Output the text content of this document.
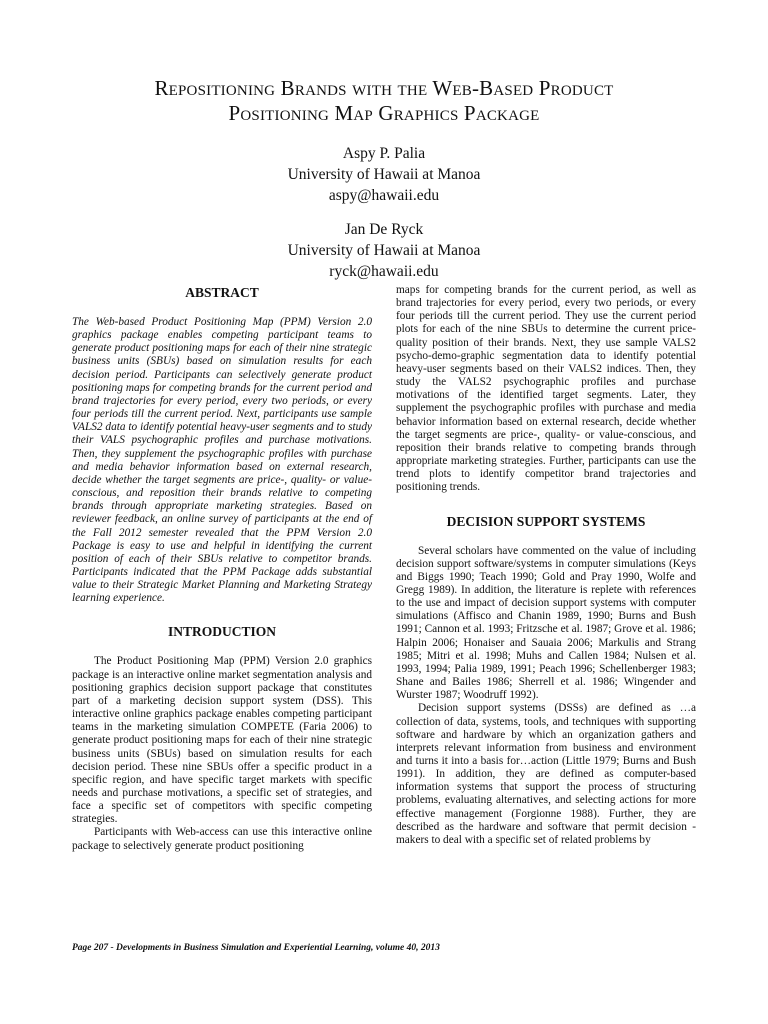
Repositioning Brands with the Web-Based Product
Positioning Map Graphics Package
Aspy P. Palia
University of Hawaii at Manoa
aspy@hawaii.edu
Jan De Ryck
University of Hawaii at Manoa
ryck@hawaii.edu
ABSTRACT

The Web-based Product Positioning Map (PPM) Version 2.0 graphics package enables competing participant teams to generate product positioning maps for each of their nine strategic business units (SBUs) based on simulation results for each decision period. Participants can selectively generate product positioning maps for competing brands for the current period and brand trajectories for every period, every two periods, or every four periods till the current period. Next, participants use sample VALS2 data to identify potential heavy-user segments and to study their VALS psychographic profiles and purchase motivations. Then, they supplement the psychographic profiles with purchase and media behavior information based on external research, decide whether the target segments are price-, quality- or value-conscious, and reposition their brands relative to competing brands through appropriate marketing strategies. Based on reviewer feedback, an online survey of participants at the end of the Fall 2012 semester revealed that the PPM Version 2.0 Package is easy to use and helpful in identifying the current position of each of their SBUs relative to competitor brands. Participants indicated that the PPM Package adds substantial value to their Strategic Market Planning and Marketing Strategy learning experience.

INTRODUCTION

The Product Positioning Map (PPM) Version 2.0 graphics package is an interactive online market segmentation analysis and positioning graphics decision support package that constitutes part of a marketing decision support system (DSS). This interactive online graphics package enables competing participant teams in the marketing simulation COMPETE (Faria 2006) to generate product positioning maps for each of their nine strategic business units (SBUs) based on simulation results for each decision period. These nine SBUs offer a specific product in a specific region, and have specific target markets with specific needs and purchase motivations, a specific set of strategies, and face a specific set of competitors with specific competing strategies.

Participants with Web-access can use this interactive online package to selectively generate product positioning

maps for competing brands for the current period, as well as brand trajectories for every period, every two periods, or every four periods till the current period. They use the current period plots for each of the nine SBUs to determine the current price-quality position of their brands. Next, they use sample VALS2 psycho-demo-graphic segmentation data to identify potential heavy-user segments based on their VALS2 indices. Then, they study the VALS2 psychographic profiles and purchase motivations of the identified target segments. Later, they supplement the psychographic profiles with purchase and media behavior information based on external research, decide whether the target segments are price-, quality- or value-conscious, and reposition their brands relative to competing brands through appropriate marketing strategies. Further, participants can use the trend plots to identify competitor brand trajectories and positioning trends.

DECISION SUPPORT SYSTEMS

Several scholars have commented on the value of including decision support software/systems in computer simulations (Keys and Biggs 1990; Teach 1990; Gold and Pray 1990, Wolfe and Gregg 1989). In addition, the literature is replete with references to the use and impact of decision support systems with computer simulations (Affisco and Chanin 1989, 1990; Burns and Bush 1991; Cannon et al. 1993; Fritzsche et al. 1987; Grove et al. 1986; Halpin 2006; Honaiser and Sauaia 2006; Markulis and Strang 1985; Mitri et al. 1998; Muhs and Callen 1984; Nulsen et al. 1993, 1994; Palia 1989, 1991; Peach 1996; Schellenberger 1983; Shane and Bailes 1986; Sherrell et al. 1986; Wingender and Wurster 1987; Woodruff 1992).

Decision support systems (DSSs) are defined as …a collection of data, systems, tools, and techniques with supporting software and hardware by which an organization gathers and interprets relevant information from business and environment and turns it into a basis for…action (Little 1979; Burns and Bush 1991). In addition, they are defined as computer-based information systems that support the process of structuring problems, evaluating alternatives, and selecting actions for more effective management (Forgionne 1988). Further, they are described as the hardware and software that permit decision -makers to deal with a specific set of related problems by

Page 207 - Developments in Business Simulation and Experiential Learning, volume 40, 2013
